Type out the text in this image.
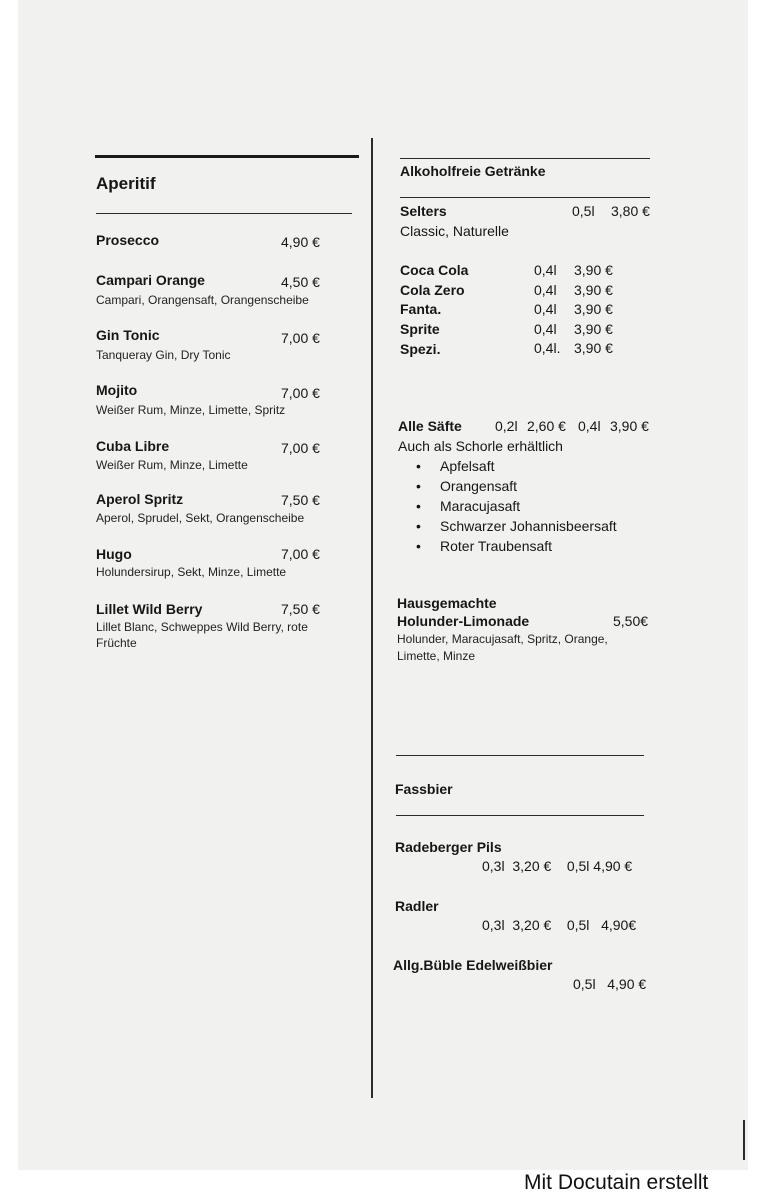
Aperitif
Prosecco	4,90 €
Campari Orange	4,50 €
Campari, Orangensaft, Orangenscheibe
Gin Tonic	7,00 €
Tanqueray Gin, Dry Tonic
Mojito	7,00 €
Weißer Rum, Minze, Limette, Spritz
Cuba Libre	7,00 €
Weißer Rum, Minze, Limette
Aperol Spritz	7,50 €
Aperol, Sprudel, Sekt, Orangenscheibe
Hugo	7,00 €
Holundersirup, Sekt, Minze, Limette
Lillet Wild Berry	7,50 €
Lillet Blanc, Schweppes Wild Berry, rote
Früchte
Alkoholfreie Getränke
Selters	0,5l 3,80 €
Classic, Naturelle
Coca Cola	0,4l 3,90 €
Cola Zero	0,4l 3,90 €
Fanta.	0,4l 3,90 €
Sprite	0,4l 3,90 €
Spezi.	0,4l. 3,90 €
Alle Säfte 0,2l 2,60 € 0,4l 3,90 €
Auch als Schorle erhältlich
• Apfelsaft
• Orangensaft
• Maracujasaft
• Schwarzer Johannisbeersaft
• Roter Traubensaft
Hausgemachte
Holunder-Limonade	5,50€
Holunder, Maracujasaft, Spritz, Orange,
Limette, Minze
Fassbier
Radeberger Pils
0,3l  3,20 €    0,5l 4,90 €
Radler
0,3l  3,20 €    0,5l   4,90€
Allg.Büble Edelweißbier
0,5l   4,90 €
Mit Docutain erstellt
